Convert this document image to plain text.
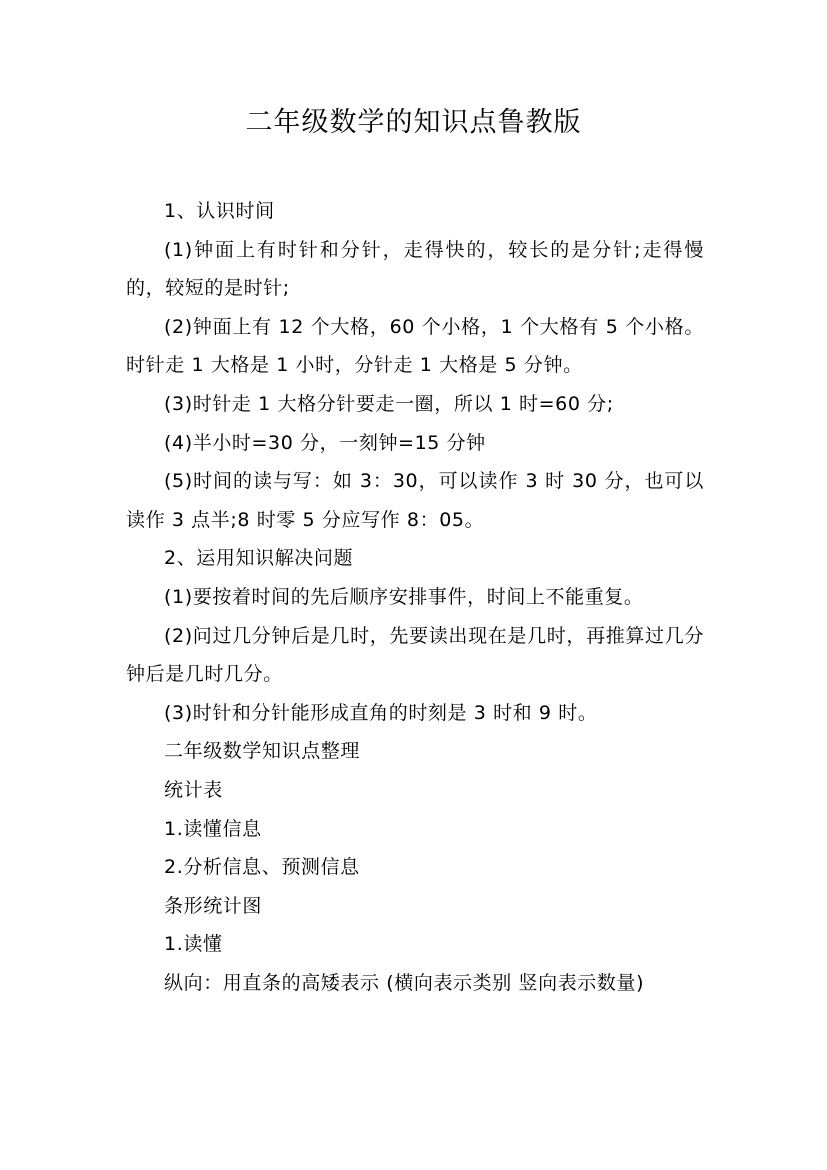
二年级数学的知识点鲁教版

1、认识时间

(1)钟面上有时针和分针，走得快的，较长的是分针;走得慢的，较短的是时针;

(2)钟面上有 12 个大格，60 个小格，1 个大格有 5 个小格。时针走 1 大格是 1 小时，分针走 1 大格是 5 分钟。

(3)时针走 1 大格分针要走一圈，所以 1 时=60 分;

(4)半小时=30 分，一刻钟=15 分钟

(5)时间的读与写：如 3：30，可以读作 3 时 30 分，也可以读作 3 点半;8 时零 5 分应写作 8：05。

2、运用知识解决问题

(1)要按着时间的先后顺序安排事件，时间上不能重复。

(2)问过几分钟后是几时，先要读出现在是几时，再推算过几分钟后是几时几分。

(3)时针和分针能形成直角的时刻是 3 时和 9 时。

二年级数学知识点整理

统计表

1.读懂信息

2.分析信息、预测信息

条形统计图

1.读懂

纵向：用直条的高矮表示 (横向表示类别 竖向表示数量)
